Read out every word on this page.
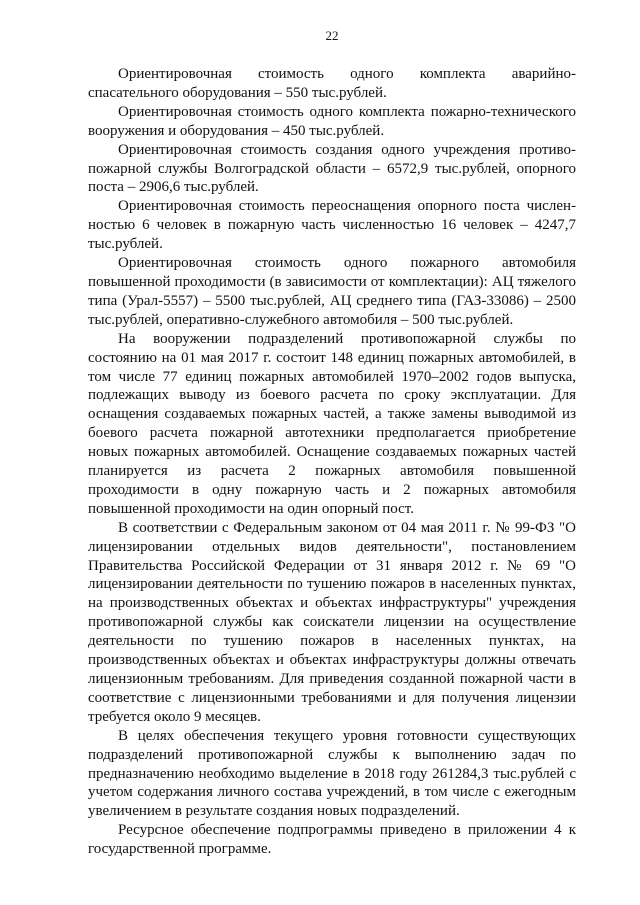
22

Ориентировочная стоимость одного комплекта аварийно-спасательного оборудования – 550 тыс.рублей.

Ориентировочная стоимость одного комплекта пожарно-технического вооружения и оборудования – 450 тыс.рублей.

Ориентировочная стоимость создания одного учреждения противопожарной службы Волгоградской области – 6572,9 тыс.рублей, опорного поста – 2906,6 тыс.рублей.

Ориентировочная стоимость переоснащения опорного поста численностью 6 человек в пожарную часть численностью 16 человек – 4247,7 тыс.рублей.

Ориентировочная стоимость одного пожарного автомобиля повышенной проходимости (в зависимости от комплектации): АЦ тяжелого типа (Урал-5557) – 5500 тыс.рублей, АЦ среднего типа (ГАЗ-33086) – 2500 тыс.рублей, оперативно-служебного автомобиля – 500 тыс.рублей.

На вооружении подразделений противопожарной службы по состоянию на 01 мая 2017 г. состоит 148 единиц пожарных автомобилей, в том числе 77 единиц пожарных автомобилей 1970–2002 годов выпуска, подлежащих выводу из боевого расчета по сроку эксплуатации. Для оснащения создаваемых пожарных частей, а также замены выводимой из боевого расчета пожарной автотехники предполагается приобретение новых пожарных автомобилей. Оснащение создаваемых пожарных частей планируется из расчета 2 пожарных автомобиля повышенной проходимости в одну пожарную часть и 2 пожарных автомобиля повышенной проходимости на один опорный пост.

В соответствии с Федеральным законом от 04 мая 2011 г. № 99-ФЗ "О лицензировании отдельных видов деятельности", постановлением Правительства Российской Федерации от 31 января 2012 г. № 69 "О лицензировании деятельности по тушению пожаров в населенных пунктах, на производственных объектах и объектах инфраструктуры" учреждения противопожарной службы как соискатели лицензии на осуществление деятельности по тушению пожаров в населенных пунктах, на производственных объектах и объектах инфраструктуры должны отвечать лицензионным требованиям. Для приведения созданной пожарной части в соответствие с лицензионными требованиями и для получения лицензии требуется около 9 месяцев.

В целях обеспечения текущего уровня готовности существующих подразделений противопожарной службы к выполнению задач по предназначению необходимо выделение в 2018 году 261284,3 тыс.рублей с учетом содержания личного состава учреждений, в том числе с ежегодным увеличением в результате создания новых подразделений.

Ресурсное обеспечение подпрограммы приведено в приложении 4 к государственной программе.
